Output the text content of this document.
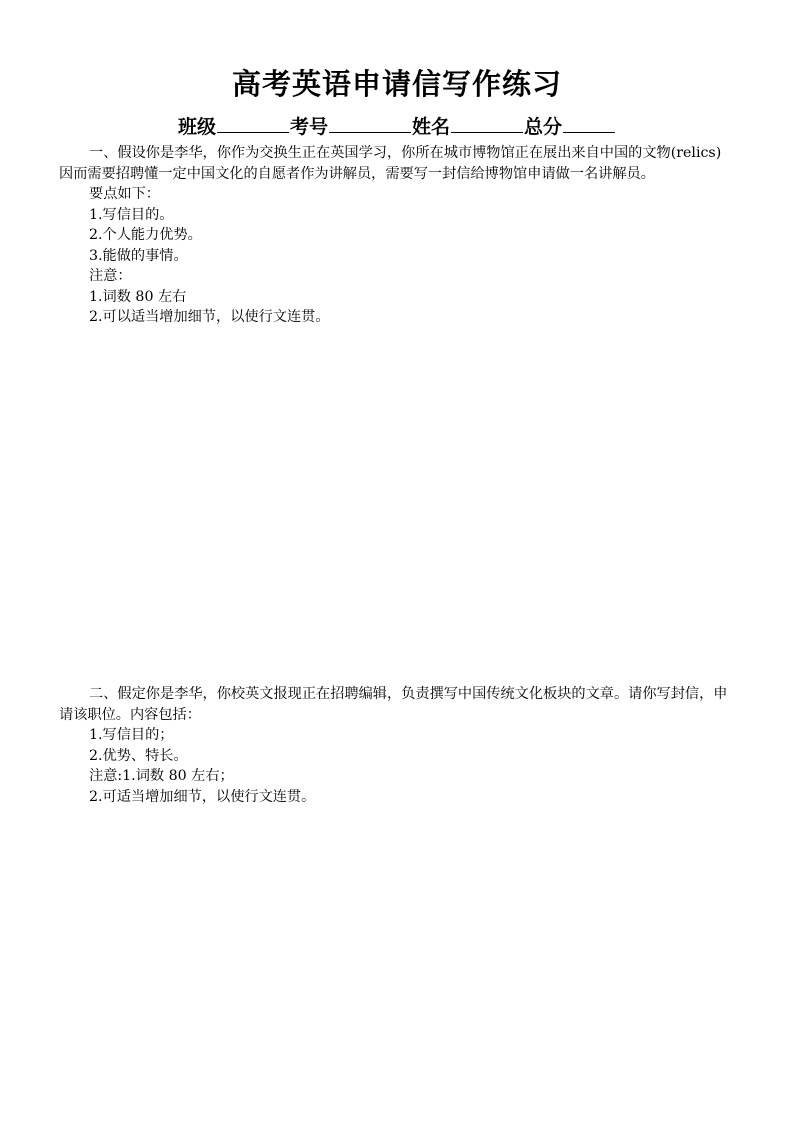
高考英语申请信写作练习
班级	考号	姓名	总分

一、假设你是李华，你作为交换生正在英国学习，你所在城市博物馆正在展出来自中国的文物(relics)因而需要招聘懂一定中国文化的自愿者作为讲解员，需要写一封信给博物馆申请做一名讲解员。

要点如下：

1.写信目的。

2.个人能力优势。

3.能做的事情。

注意：

1.词数 80 左右

2.可以适当增加细节，以使行文连贯。

二、假定你是李华，你校英文报现正在招聘编辑，负责撰写中国传统文化板块的文章。请你写封信，申请该职位。内容包括：

1.写信目的；

2.优势、特长。

注意:1.词数 80 左右；

2.可适当增加细节，以使行文连贯。
